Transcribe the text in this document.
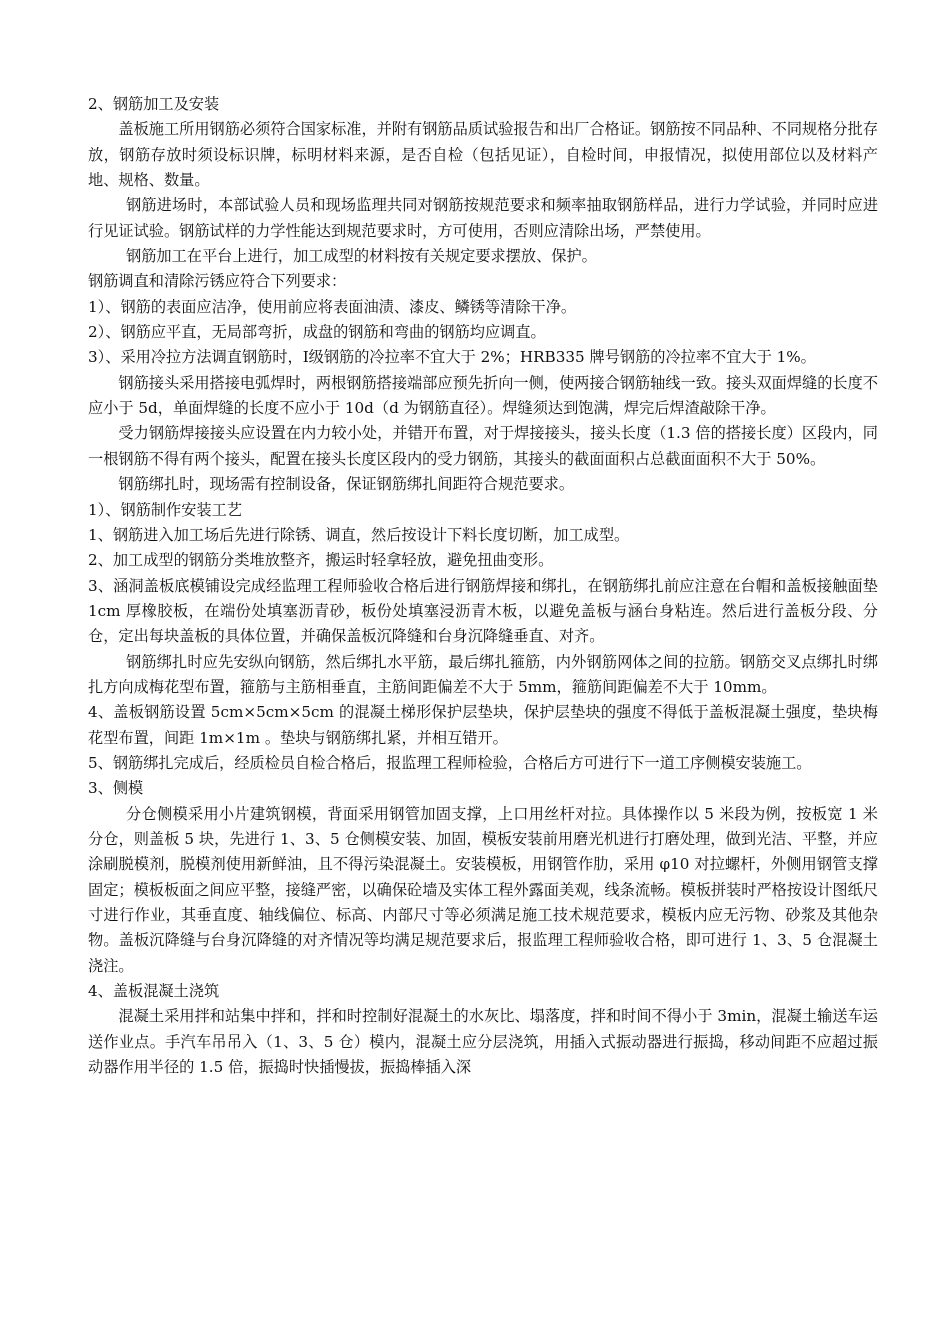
2、钢筋加工及安装

盖板施工所用钢筋必须符合国家标准，并附有钢筋品质试验报告和出厂合格证。钢筋按不同品种、不同规格分批存放，钢筋存放时须设标识牌，标明材料来源，是否自检（包括见证），自检时间，申报情况，拟使用部位以及材料产地、规格、数量。

钢筋进场时，本部试验人员和现场监理共同对钢筋按规范要求和频率抽取钢筋样品，进行力学试验，并同时应进行见证试验。钢筋试样的力学性能达到规范要求时，方可使用，否则应清除出场，严禁使用。

钢筋加工在平台上进行，加工成型的材料按有关规定要求摆放、保护。

钢筋调直和清除污锈应符合下列要求：

1）、钢筋的表面应洁净，使用前应将表面油渍、漆皮、鳞锈等清除干净。

2）、钢筋应平直，无局部弯折，成盘的钢筋和弯曲的钢筋均应调直。

3）、采用冷拉方法调直钢筋时，Ⅰ级钢筋的冷拉率不宜大于 2%；HRB335 牌号钢筋的冷拉率不宜大于 1%。

钢筋接头采用搭接电弧焊时，两根钢筋搭接端部应预先折向一侧，使两接合钢筋轴线一致。接头双面焊缝的长度不应小于 5d，单面焊缝的长度不应小于 10d（d 为钢筋直径）。焊缝须达到饱满，焊完后焊渣敲除干净。

受力钢筋焊接接头应设置在内力较小处，并错开布置，对于焊接接头，接头长度（1.3 倍的搭接长度）区段内，同一根钢筋不得有两个接头，配置在接头长度区段内的受力钢筋，其接头的截面面积占总截面面积不大于 50%。

钢筋绑扎时，现场需有控制设备，保证钢筋绑扎间距符合规范要求。

1）、钢筋制作安装工艺

1、钢筋进入加工场后先进行除锈、调直，然后按设计下料长度切断，加工成型。

2、加工成型的钢筋分类堆放整齐，搬运时轻拿轻放，避免扭曲变形。

3、涵洞盖板底模铺设完成经监理工程师验收合格后进行钢筋焊接和绑扎，在钢筋绑扎前应注意在台帽和盖板接触面垫 1cm 厚橡胶板，在端份处填塞沥青砂，板份处填塞浸沥青木板，以避免盖板与涵台身粘连。然后进行盖板分段、分仓，定出每块盖板的具体位置，并确保盖板沉降缝和台身沉降缝垂直、对齐。

钢筋绑扎时应先安纵向钢筋，然后绑扎水平筋，最后绑扎箍筋，内外钢筋网体之间的拉筋。钢筋交叉点绑扎时绑扎方向成梅花型布置，箍筋与主筋相垂直，主筋间距偏差不大于 5mm，箍筋间距偏差不大于 10mm。

4、盖板钢筋设置 5cm×5cm×5cm 的混凝土梯形保护层垫块，保护层垫块的强度不得低于盖板混凝土强度，垫块梅花型布置，间距 1m×1m 。垫块与钢筋绑扎紧，并相互错开。

5、钢筋绑扎完成后，经质检员自检合格后，报监理工程师检验，合格后方可进行下一道工序侧模安装施工。

3、侧模

分仓侧模采用小片建筑钢模，背面采用钢管加固支撑，上口用丝杆对拉。具体操作以 5 米段为例，按板宽 1 米分仓，则盖板 5 块，先进行 1、3、5 仓侧模安装、加固，模板安装前用磨光机进行打磨处理，做到光洁、平整，并应涂刷脱模剂，脱模剂使用新鲜油，且不得污染混凝土。安装模板，用钢管作肋，采用 φ10 对拉螺杆，外侧用钢管支撑固定；模板板面之间应平整，接缝严密，以确保砼墙及实体工程外露面美观，线条流畅。模板拼装时严格按设计图纸尺寸进行作业，其垂直度、轴线偏位、标高、内部尺寸等必须满足施工技术规范要求，模板内应无污物、砂浆及其他杂物。盖板沉降缝与台身沉降缝的对齐情况等均满足规范要求后，报监理工程师验收合格，即可进行 1、3、5 仓混凝土浇注。

4、盖板混凝土浇筑

混凝土采用拌和站集中拌和，拌和时控制好混凝土的水灰比、塌落度，拌和时间不得小于 3min，混凝土输送车运送作业点。手汽车吊吊入（1、3、5 仓）模内，混凝土应分层浇筑，用插入式振动器进行振捣，移动间距不应超过振动器作用半径的 1.5 倍，振捣时快插慢拔，振捣棒插入深
